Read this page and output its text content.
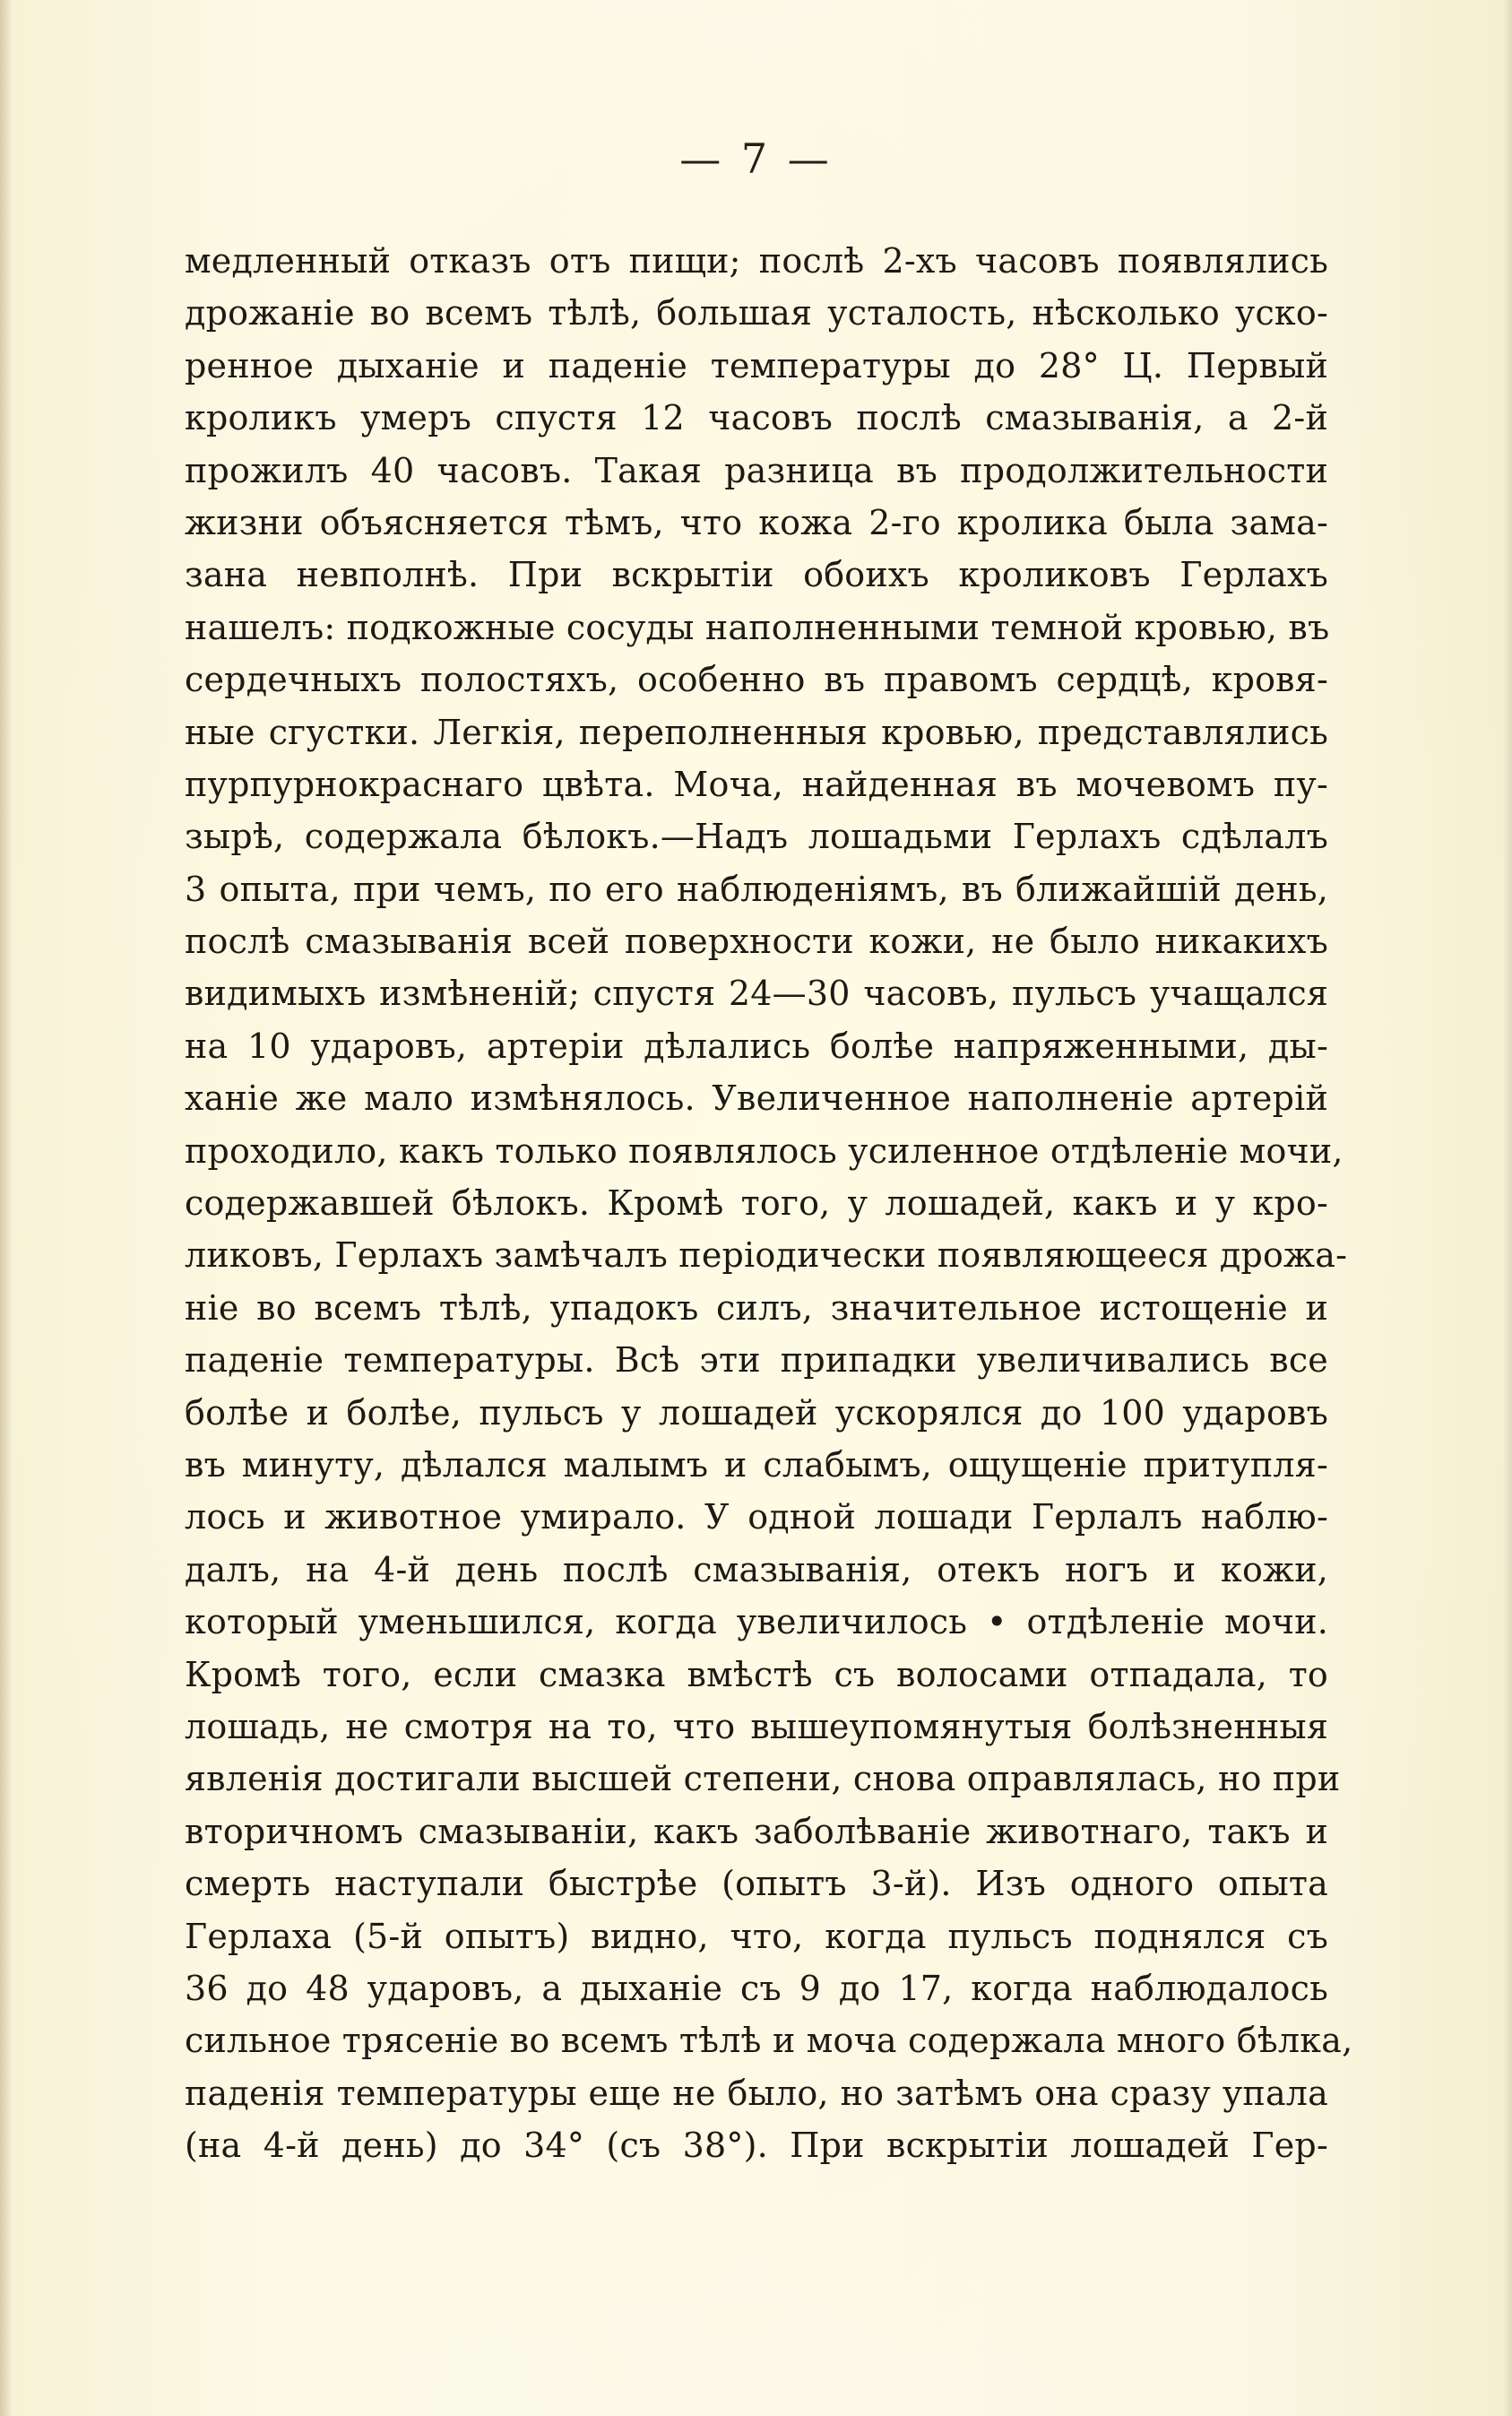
— 7 —
медленный отказъ отъ пищи; послѣ 2-хъ часовъ появлялись
дрожаніе во всемъ тѣлѣ, большая усталость, нѣсколько уско-
ренное дыханіе и паденіе температуры до 28° Ц. Первый
кроликъ умеръ спустя 12 часовъ послѣ смазыванія, а 2-й
прожилъ 40 часовъ. Такая разница въ продолжительности
жизни объясняется тѣмъ, что кожа 2-го кролика была зама-
зана невполнѣ. При вскрытіи обоихъ кроликовъ Герлахъ
нашелъ: подкожные сосуды наполненными темной кровью, въ
сердечныхъ полостяхъ, особенно въ правомъ сердцѣ, кровя-
ные сгустки. Легкія, переполненныя кровью, представлялись
пурпурнокраснаго цвѣта. Моча, найденная въ мочевомъ пу-
зырѣ, содержала бѣлокъ.—Надъ лошадьми Герлахъ сдѣлалъ
3 опыта, при чемъ, по его наблюденіямъ, въ ближайшій день,
послѣ смазыванія всей поверхности кожи, не было никакихъ
видимыхъ измѣненій; спустя 24—30 часовъ, пульсъ учащался
на 10 ударовъ, артеріи дѣлались болѣе напряженными, ды-
ханіе же мало измѣнялось. Увеличенное наполненіе артерій
проходило, какъ только появлялось усиленное отдѣленіе мочи,
содержавшей бѣлокъ. Кромѣ того, у лошадей, какъ и у кро-
ликовъ, Герлахъ замѣчалъ періодически появляющееся дрожа-
ніе во всемъ тѣлѣ, упадокъ силъ, значительное истощеніе и
паденіе температуры. Всѣ эти припадки увеличивались все
болѣе и болѣе, пульсъ у лошадей ускорялся до 100 ударовъ
въ минуту, дѣлался малымъ и слабымъ, ощущеніе притупля-
лось и животное умирало. У одной лошади Герлалъ наблю-
далъ, на 4-й день послѣ смазыванія, отекъ ногъ и кожи,
который уменьшился, когда увеличилось • отдѣленіе мочи.
Кромѣ того, если смазка вмѣстѣ съ волосами отпадала, то
лошадь, не смотря на то, что вышеупомянутыя болѣзненныя
явленія достигали высшей степени, снова оправлялась, но при
вторичномъ смазываніи, какъ заболѣваніе животнаго, такъ и
смерть наступали быстрѣе (опытъ 3-й). Изъ одного опыта
Герлаха (5-й опытъ) видно, что, когда пульсъ поднялся съ
36 до 48 ударовъ, а дыханіе съ 9 до 17, когда наблюдалось
сильное трясеніе во всемъ тѣлѣ и моча содержала много бѣлка,
паденія температуры еще не было, но затѣмъ она сразу упала
(на 4-й день) до 34° (съ 38°). При вскрытіи лошадей Гер-
